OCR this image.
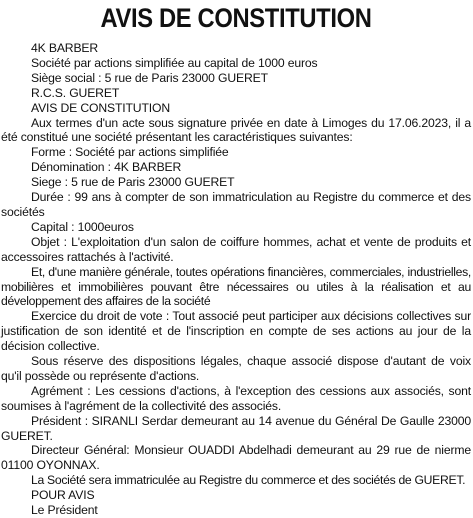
AVIS DE CONSTITUTION

4K BARBER

Société par actions simplifiée au capital de 1000 euros

Siège social : 5 rue de Paris 23000 GUERET

R.C.S. GUERET

AVIS DE CONSTITUTION

Aux termes d'un acte sous signature privée en date à Limoges du 17.06.2023, il a été constitué une société présentant les caractéristiques suivantes:

Forme : Société par actions simplifiée

Dénomination : 4K BARBER

Siege : 5 rue de Paris 23000 GUERET

Durée : 99 ans à compter de son immatriculation au Registre du commerce et des sociétés

Capital : 1000euros

Objet : L'exploitation d'un salon de coiffure hommes, achat et vente de produits et accessoires rattachés à l'activité.

Et, d'une manière générale, toutes opérations financières, commerciales, industrielles, mobilières et immobilières pouvant être nécessaires ou utiles à la réalisation et au développement des affaires de la société

Exercice du droit de vote : Tout associé peut participer aux décisions collectives sur justification de son identité et de l'inscription en compte de ses actions au jour de la décision collective.

Sous réserve des dispositions légales, chaque associé dispose d'autant de voix qu'il possède ou représente d'actions.

Agrément : Les cessions d'actions, à l'exception des cessions aux associés, sont soumises à l'agrément de la collectivité des associés.

Président : SIRANLI Serdar demeurant au 14 avenue du Général De Gaulle 23000 GUERET.

Directeur Général: Monsieur OUADDI Abdelhadi demeurant au 29 rue de nierme 01100 OYONNAX.

La Société sera immatriculée au Registre du commerce et des sociétés de GUERET.

POUR AVIS

Le Président
